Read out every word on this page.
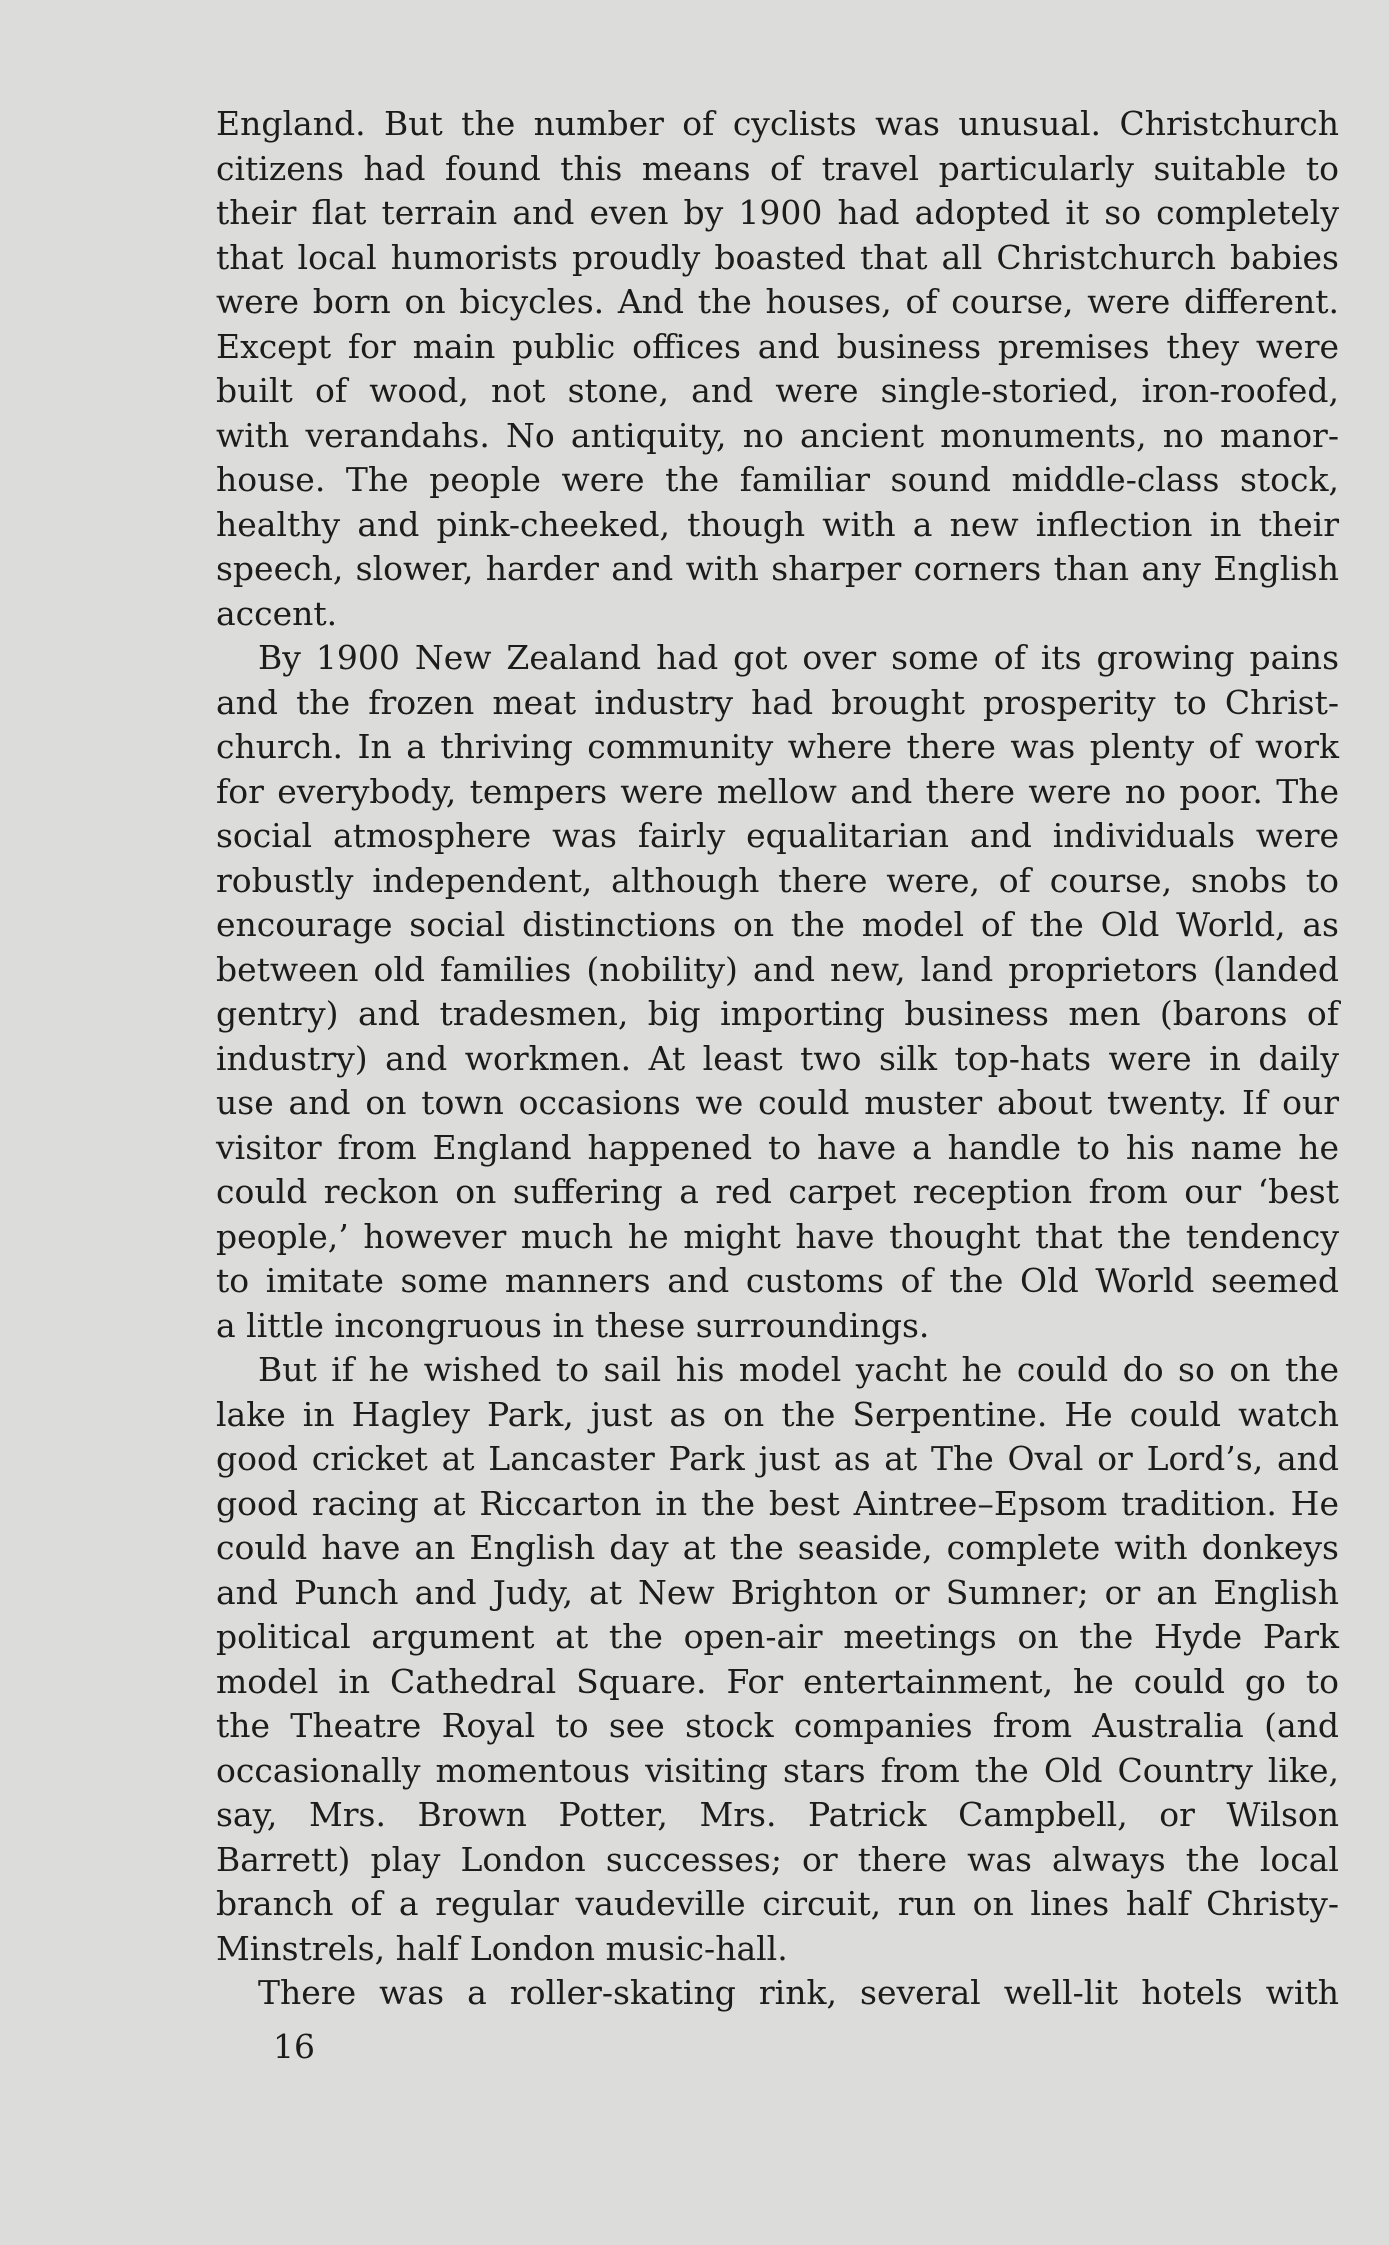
England. But the number of cyclists was unusual. Christchurch

citizens had found this means of travel particularly suitable to

their flat terrain and even by 1900 had adopted it so completely

that local humorists proudly boasted that all Christchurch babies

were born on bicycles. And the houses, of course, were different.

Except for main public offices and business premises they were

built of wood, not stone, and were single-storied, iron-roofed,

with verandahs. No antiquity, no ancient monuments, no manor-

house. The people were the familiar sound middle-class stock,

healthy and pink-cheeked, though with a new inflection in their

speech, slower, harder and with sharper corners than any English

accent.

By 1900 New Zealand had got over some of its growing pains

and the frozen meat industry had brought prosperity to Christ-

church. In a thriving community where there was plenty of work

for everybody, tempers were mellow and there were no poor. The

social atmosphere was fairly equalitarian and individuals were

robustly independent, although there were, of course, snobs to

encourage social distinctions on the model of the Old World, as

between old families (nobility) and new, land proprietors (landed

gentry) and tradesmen, big importing business men (barons of

industry) and workmen. At least two silk top-hats were in daily

use and on town occasions we could muster about twenty. If our

visitor from England happened to have a handle to his name he

could reckon on suffering a red carpet reception from our ‘best

people,’ however much he might have thought that the tendency

to imitate some manners and customs of the Old World seemed

a little incongruous in these surroundings.

But if he wished to sail his model yacht he could do so on the

lake in Hagley Park, just as on the Serpentine. He could watch

good cricket at Lancaster Park just as at The Oval or Lord’s, and

good racing at Riccarton in the best Aintree–Epsom tradition. He

could have an English day at the seaside, complete with donkeys

and Punch and Judy, at New Brighton or Sumner; or an English

political argument at the open-air meetings on the Hyde Park

model in Cathedral Square. For entertainment, he could go to

the Theatre Royal to see stock companies from Australia (and

occasionally momentous visiting stars from the Old Country like,

say, Mrs. Brown Potter, Mrs. Patrick Campbell, or Wilson

Barrett) play London successes; or there was always the local

branch of a regular vaudeville circuit, run on lines half Christy-

Minstrels, half London music-hall.

There was a roller-skating rink, several well-lit hotels with

16
